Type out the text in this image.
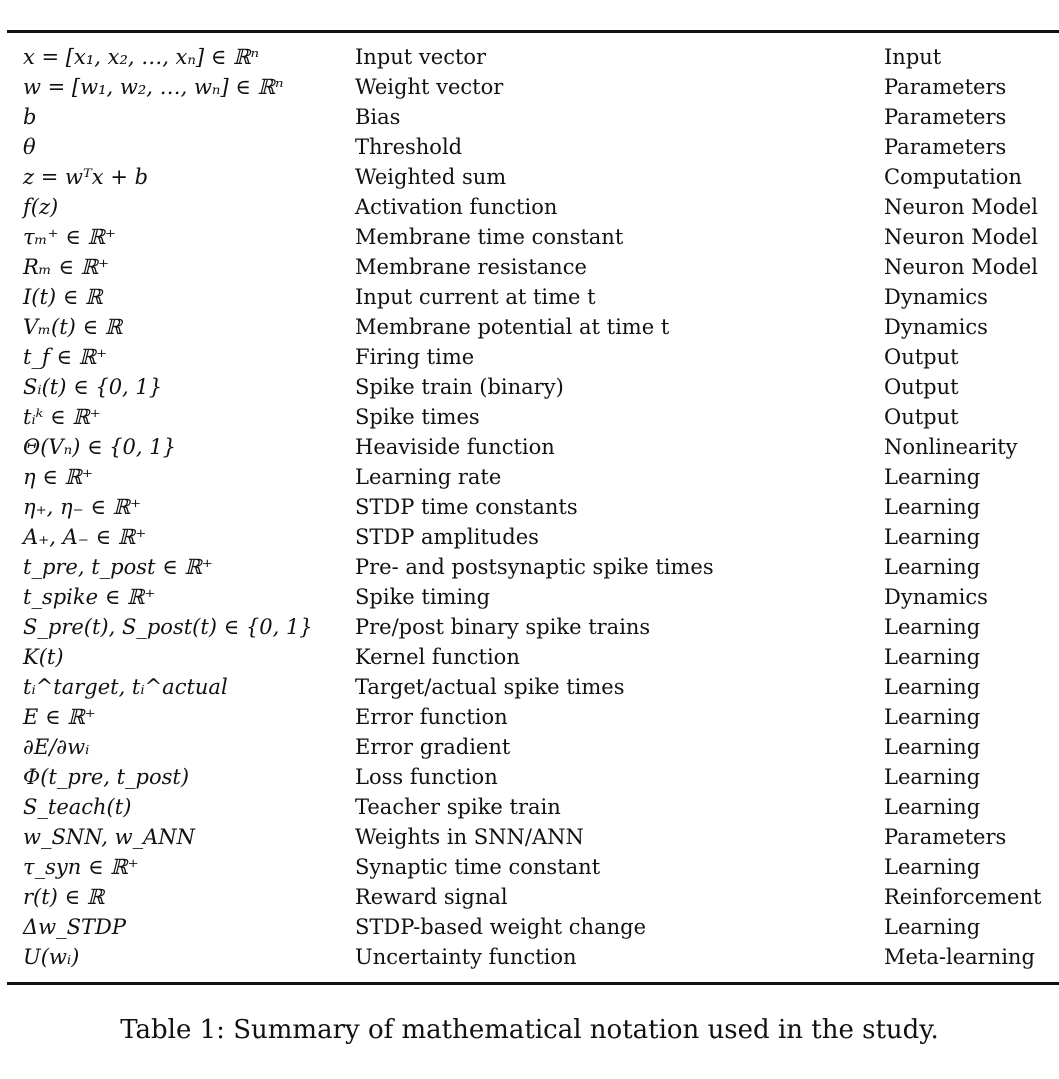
x = [x₁, x₂, …, xₙ] ∈ ℝⁿ	Input vector	Input
w = [w₁, w₂, …, wₙ] ∈ ℝⁿ	Weight vector	Parameters
b	Bias	Parameters
θ	Threshold	Parameters
z = wᵀx + b	Weighted sum	Computation
f(z)	Activation function	Neuron Model
τₘ⁺ ∈ ℝ⁺	Membrane time constant	Neuron Model
Rₘ ∈ ℝ⁺	Membrane resistance	Neuron Model
I(t) ∈ ℝ	Input current at time t	Dynamics
Vₘ(t) ∈ ℝ	Membrane potential at time t	Dynamics
t_f ∈ ℝ⁺	Firing time	Output
Sᵢ(t) ∈ {0, 1}	Spike train (binary)	Output
tᵢᵏ ∈ ℝ⁺	Spike times	Output
Θ(Vₙ) ∈ {0, 1}	Heaviside function	Nonlinearity
η ∈ ℝ⁺	Learning rate	Learning
η₊, η₋ ∈ ℝ⁺	STDP time constants	Learning
A₊, A₋ ∈ ℝ⁺	STDP amplitudes	Learning
t_pre, t_post ∈ ℝ⁺	Pre- and postsynaptic spike times	Learning
t_spike ∈ ℝ⁺	Spike timing	Dynamics
S_pre(t), S_post(t) ∈ {0, 1}	Pre/post binary spike trains	Learning
K(t)	Kernel function	Learning
tᵢ^target, tᵢ^actual	Target/actual spike times	Learning
E ∈ ℝ⁺	Error function	Learning
∂E/∂wᵢ	Error gradient	Learning
Φ(t_pre, t_post)	Loss function	Learning
S_teach(t)	Teacher spike train	Learning
w_SNN, w_ANN	Weights in SNN/ANN	Parameters
τ_syn ∈ ℝ⁺	Synaptic time constant	Learning
r(t) ∈ ℝ	Reward signal	Reinforcement
Δw_STDP	STDP-based weight change	Learning
U(wᵢ)	Uncertainty function	Meta-learning
Table 1: Summary of mathematical notation used in the study.
